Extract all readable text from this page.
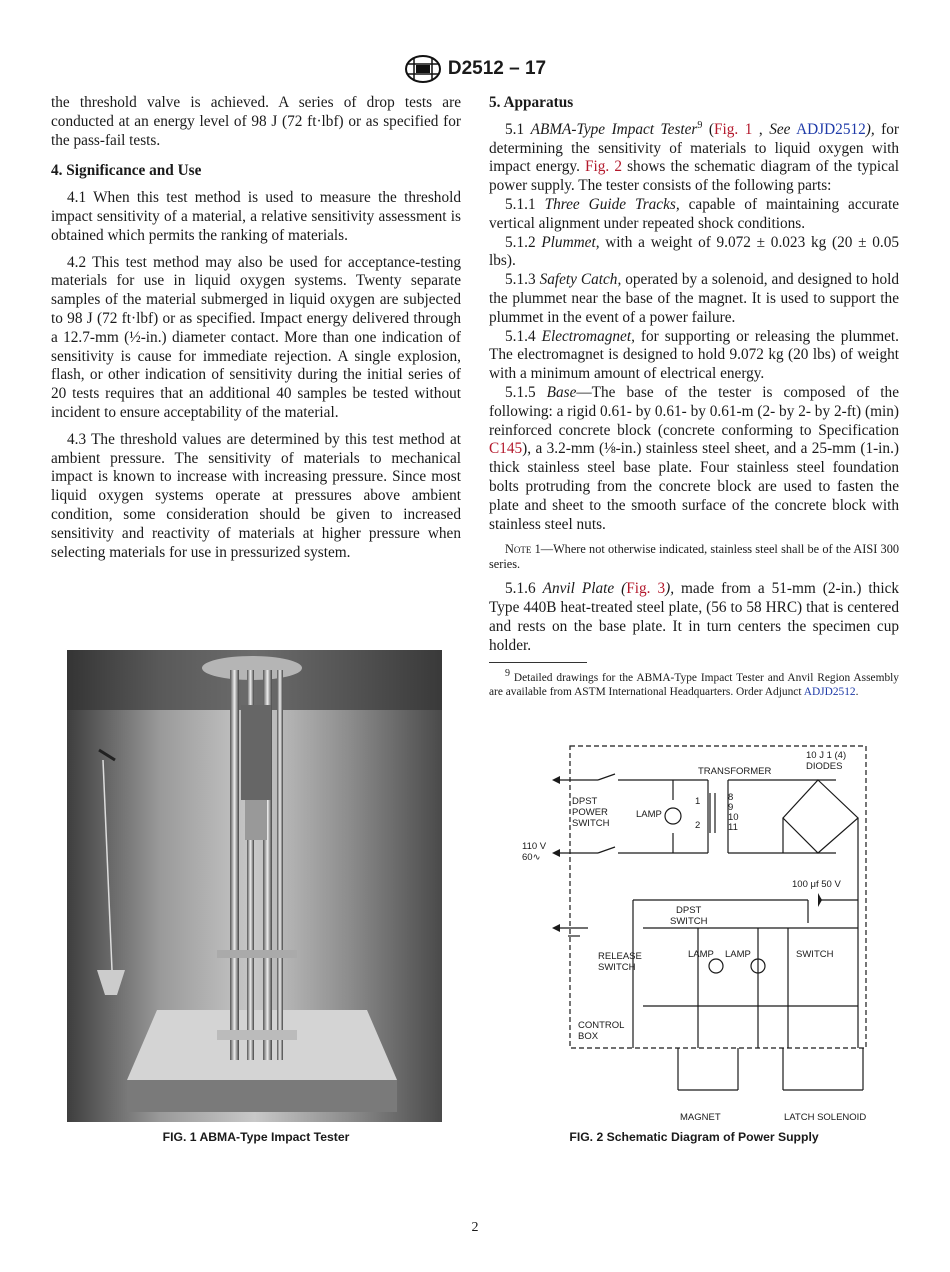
D2512 – 17

the threshold valve is achieved. A series of drop tests are conducted at an energy level of 98 J (72 ft·lbf) or as specified for the pass-fail tests.

4. Significance and Use

4.1 When this test method is used to measure the threshold impact sensitivity of a material, a relative sensitivity assessment is obtained which permits the ranking of materials.

4.2 This test method may also be used for acceptance-testing materials for use in liquid oxygen systems. Twenty separate samples of the material submerged in liquid oxygen are subjected to 98 J (72 ft·lbf) or as specified. Impact energy delivered through a 12.7-mm (½-in.) diameter contact. More than one indication of sensitivity is cause for immediate rejection. A single explosion, flash, or other indication of sensitivity during the initial series of 20 tests requires that an additional 40 samples be tested without incident to ensure acceptability of the material.

4.3 The threshold values are determined by this test method at ambient pressure. The sensitivity of materials to mechanical impact is known to increase with increasing pressure. Since most liquid oxygen systems operate at pressures above ambient condition, some consideration should be given to increased sensitivity and reactivity of materials at higher pressure when selecting materials for use in pressurized system.

5. Apparatus

5.1 ABMA-Type Impact Tester$^9$ (Fig. 1 , See ADJD2512), for determining the sensitivity of materials to liquid oxygen with impact energy. Fig. 2 shows the schematic diagram of the typical power supply. The tester consists of the following parts:

5.1.1 Three Guide Tracks, capable of maintaining accurate vertical alignment under repeated shock conditions.

5.1.2 Plummet, with a weight of 9.072 ± 0.023 kg (20 ± 0.05 lbs).

5.1.3 Safety Catch, operated by a solenoid, and designed to hold the plummet near the base of the magnet. It is used to support the plummet in the event of a power failure.

5.1.4 Electromagnet, for supporting or releasing the plummet. The electromagnet is designed to hold 9.072 kg (20 lbs) of weight with a minimum amount of electrical energy.

5.1.5 Base—The base of the tester is composed of the following: a rigid 0.61- by 0.61- by 0.61-m (2- by 2- by 2-ft) (min) reinforced concrete block (concrete conforming to Specification C145), a 3.2-mm (⅛-in.) stainless steel sheet, and a 25-mm (1-in.) thick stainless steel base plate. Four stainless steel foundation bolts protruding from the concrete block are used to fasten the plate and sheet to the smooth surface of the concrete block with stainless steel nuts.

Note 1—Where not otherwise indicated, stainless steel shall be of the AISI 300 series.

5.1.6 Anvil Plate (Fig. 3), made from a 51-mm (2-in.) thick Type 440B heat-treated steel plate, (56 to 58 HRC) that is centered and rests on the base plate. It in turn centers the specimen cup holder.

$^9$ Detailed drawings for the ABMA-Type Impact Tester and Anvil Region Assembly are available from ASTM International Headquarters. Order Adjunct ADJD2512.

TRANSFORMER
10 J 1 (4)
DIODES
DPST
POWER
SWITCH
LAMP
1
2
8
9
10
11
110 V
60∿
100 μf 50 V
DPST
SWITCH
RELEASE
SWITCH
LAMP LAMP	SWITCH
CONTROL
BOX
MAGNET	LATCH SOLENOID
FIG. 1 ABMA-Type Impact Tester	FIG. 2 Schematic Diagram of Power Supply
2
